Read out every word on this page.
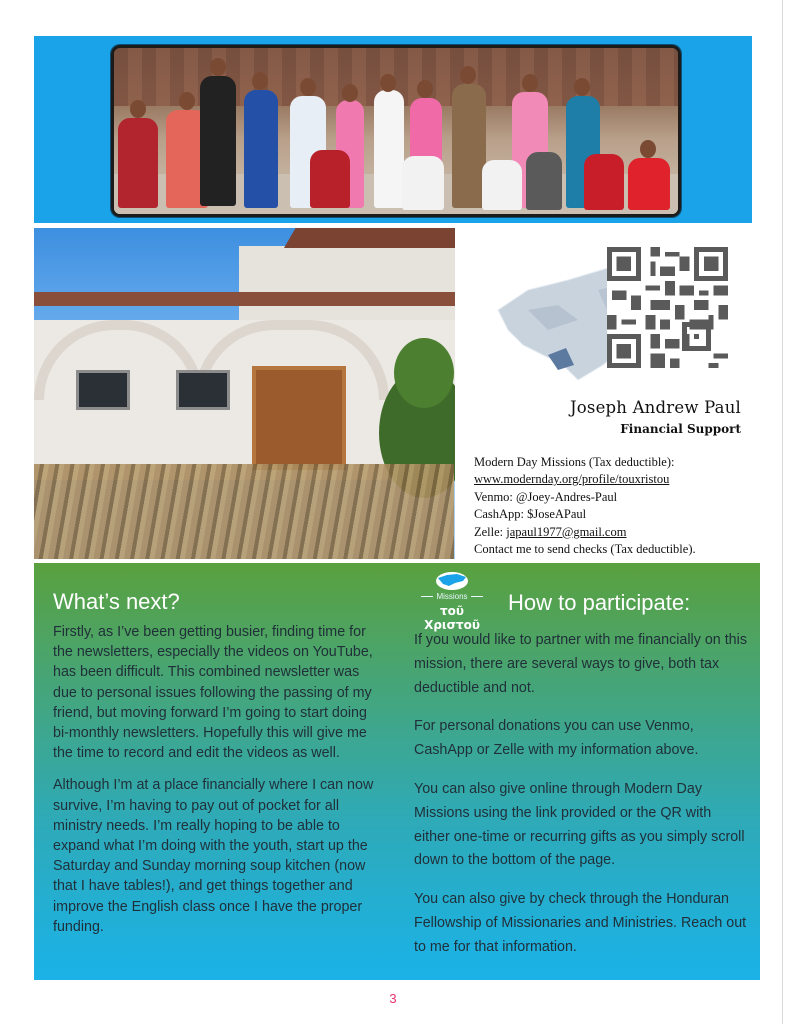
Joseph Andrew Paul
Financial Support
Modern Day Missions (Tax deductible):
www.modernday.org/profile/touxristou
Venmo: @Joey-Andres-Paul
CashApp: $JoseAPaul
Zelle: japaul1977@gmail.com
Contact me to send checks (Tax deductible).
What’s next?

Firstly, as I’ve been getting busier, finding time for the newsletters, especially the videos on YouTube, has been difficult. This combined newsletter was due to personal issues following the passing of my friend, but moving forward I’m going to start doing bi-monthly newsletters. Hopefully this will give me the time to record and edit the videos as well.

Although I’m at a place financially where I can now survive, I’m having to pay out of pocket for all ministry needs. I’m really hoping to be able to expand what I’m doing with the youth, start up the Saturday and Sunday morning soup kitchen (now that I have tables!), and get things together and improve the English class once I have the proper funding.

Missions
τοῦ Χριστοῦ
How to participate:

If you would like to partner with me financially on this mission, there are several ways to give, both tax deductible and not.

For personal donations you can use Venmo, CashApp or Zelle with my information above.

You can also give online through Modern Day Missions using the link provided or the QR with either one-time or recurring gifts as you simply scroll down to the bottom of the page.

You can also give by check through the Honduran Fellowship of Missionaries and Ministries. Reach out to me for that information.

3
